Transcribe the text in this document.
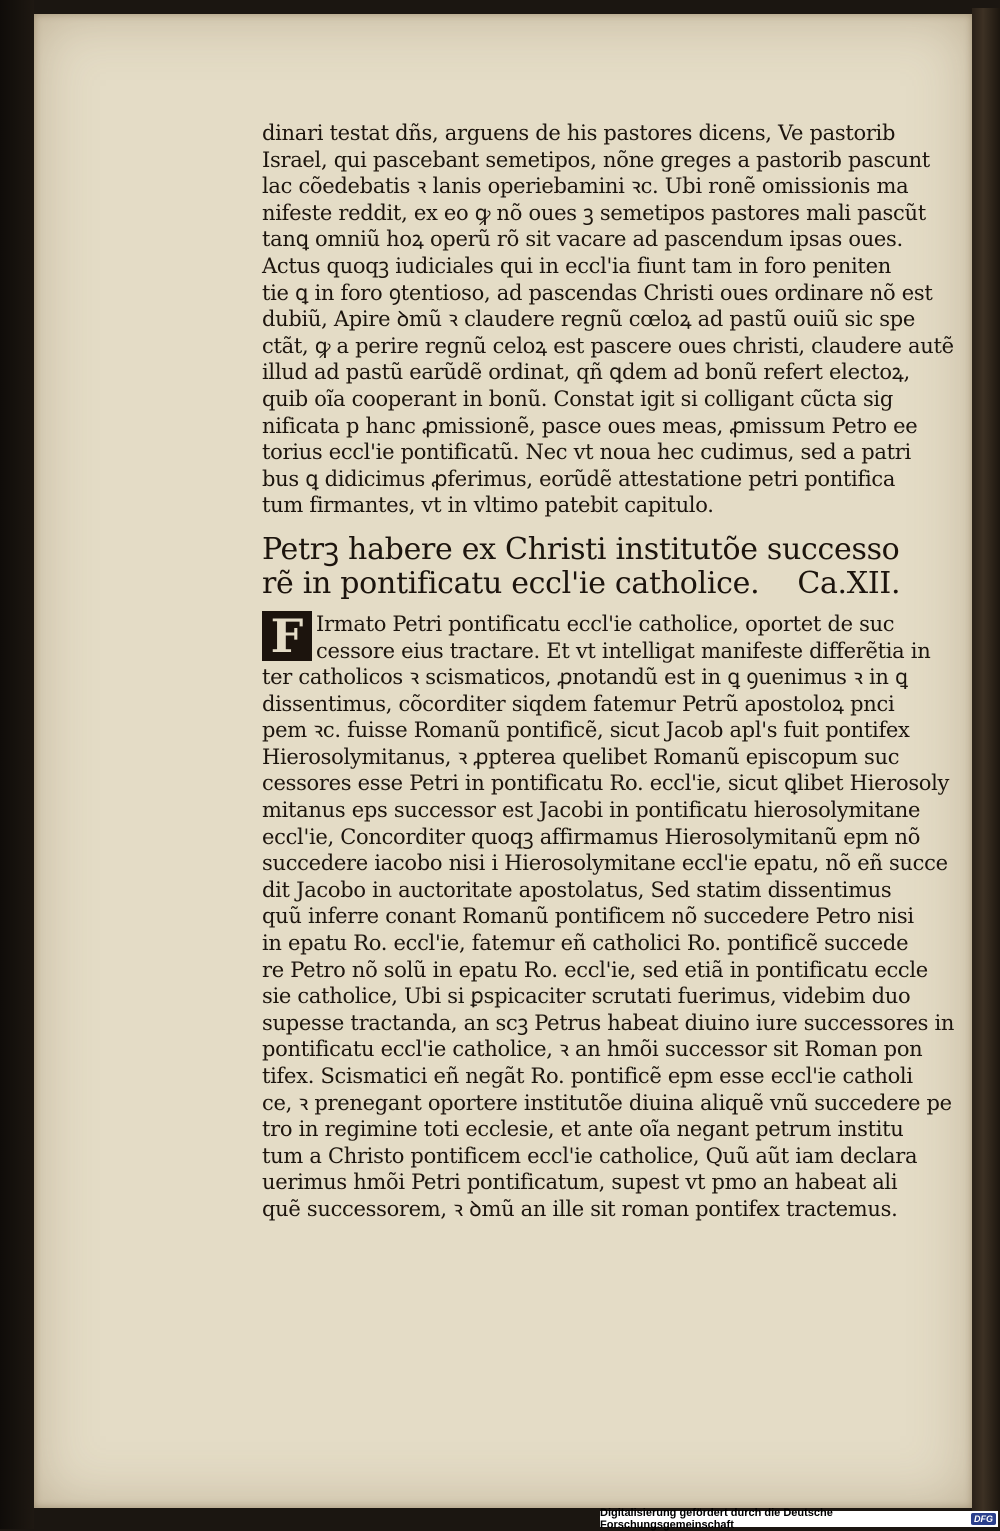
dinari testat dñs, arguens de his pastores dicens, Ve pastorib
Israel, qui pascebant semetipos, nõne greges a pastorib pascunt
lac cõedebatis ꝛ lanis operiebamini ꝛc. Ubi ronẽ omissionis ma
nifeste reddit, ex eo ꝙ nõ oues ꝫ semetipos pastores mali pascũt
tanꝗ omniũ hoꝝ operũ rõ sit vacare ad pascendum ipsas oues.
Actus quoqꝫ iudiciales qui in eccl'ia fiunt tam in foro peniten
tie ꝗ in foro ꝯtentioso, ad pascendas Christi oues ordinare nõ est
dubiũ, Apire ꝺmũ ꝛ claudere regnũ cœloꝝ ad pastũ ouiũ sic spe
ctãt, ꝙ a perire regnũ celoꝝ est pascere oues christi, claudere autẽ
illud ad pastũ earũdẽ ordinat, qñ ꝗdem ad bonũ refert electoꝝ,
quib oĩa cooperant in bonũ. Constat igit si colligant cũcta sig
nificata p hanc ꝓmissionẽ, pasce oues meas, ꝓmissum Petro ee
torius eccl'ie pontificatũ. Nec vt noua hec cudimus, sed a patri
bus ꝗ didicimus ꝓferimus, eorũdẽ attestatione petri pontifica
tum firmantes, vt in vltimo patebit capitulo.
Petrꝫ habere ex Christi institutõe successo
rẽ in pontificatu eccl'ie catholice. Ca.XII.
F Irmato Petri pontificatu eccl'ie catholice, oportet de suc
cessore eius tractare. Et vt intelligat manifeste differẽtia in
ter catholicos ꝛ scismaticos, ꝓnotandũ est in ꝗ ꝯuenimus ꝛ in ꝗ
dissentimus, cõcorditer siqdem fatemur Petrũ apostoloꝝ pnci
pem ꝛc. fuisse Romanũ pontificẽ, sicut Jacob apl's fuit pontifex
Hierosolymitanus, ꝛ ꝓpterea quelibet Romanũ episcopum suc
cessores esse Petri in pontificatu Ro. eccl'ie, sicut ꝗlibet Hierosoly
mitanus eps successor est Jacobi in pontificatu hierosolymitane
eccl'ie, Concorditer quoqꝫ affirmamus Hierosolymitanũ epm nõ
succedere iacobo nisi i Hierosolymitane eccl'ie epatu, nõ eñ succe
dit Jacobo in auctoritate apostolatus, Sed statim dissentimus
quũ inferre conant Romanũ pontificem nõ succedere Petro nisi
in epatu Ro. eccl'ie, fatemur eñ catholici Ro. pontificẽ succede
re Petro nõ solũ in epatu Ro. eccl'ie, sed etiã in pontificatu eccle
sie catholice, Ubi si ꝑspicaciter scrutati fuerimus, videbim duo
supesse tractanda, an scꝫ Petrus habeat diuino iure successores in
pontificatu eccl'ie catholice, ꝛ an hmõi successor sit Roman pon
tifex. Scismatici eñ negãt Ro. pontificẽ epm esse eccl'ie catholi
ce, ꝛ prenegant oportere institutõe diuina aliquẽ vnũ succedere pe
tro in regimine toti ecclesie, et ante oĩa negant petrum institu
tum a Christo pontificem eccl'ie catholice, Quũ aũt iam declara
uerimus hmõi Petri pontificatum, supest vt pmo an habeat ali
quẽ successorem, ꝛ ꝺmũ an ille sit roman pontifex tractemus.
Digitalisierung gefördert durch die Deutsche Forschungsgemeinschaft	DFG
